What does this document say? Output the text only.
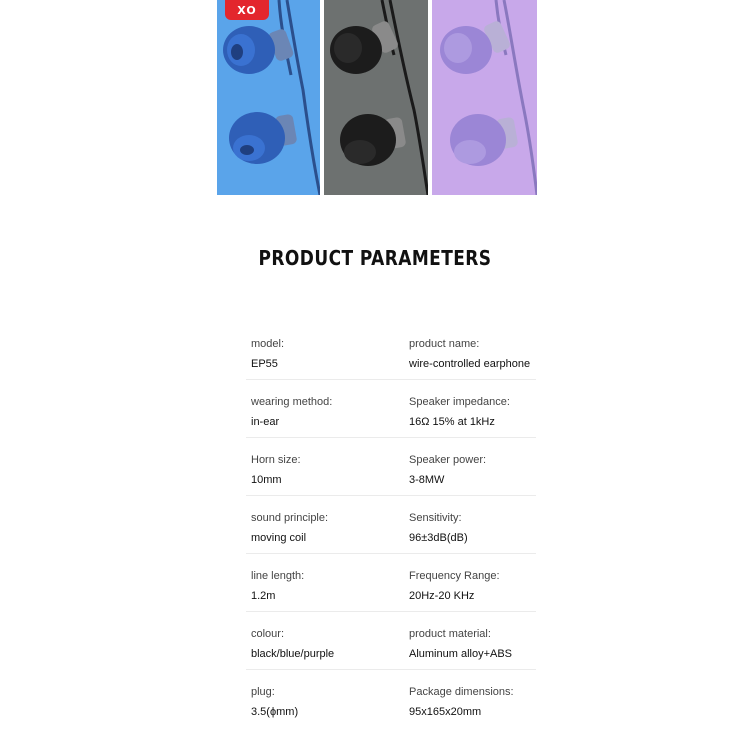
XO
PRODUCT PARAMETERS
model:
EP55
product name:
wire-controlled earphone
wearing method:
in-ear
Speaker impedance:
16Ω 15% at 1kHz
Horn size:
10mm
Speaker power:
3-8MW
sound principle:
moving coil
Sensitivity:
96±3dB(dB)
line length:
1.2m
Frequency Range:
20Hz-20 KHz
colour:
black/blue/purple
product material:
Aluminum alloy+ABS
plug:
3.5(ϕmm)
Package dimensions:
95x165x20mm
